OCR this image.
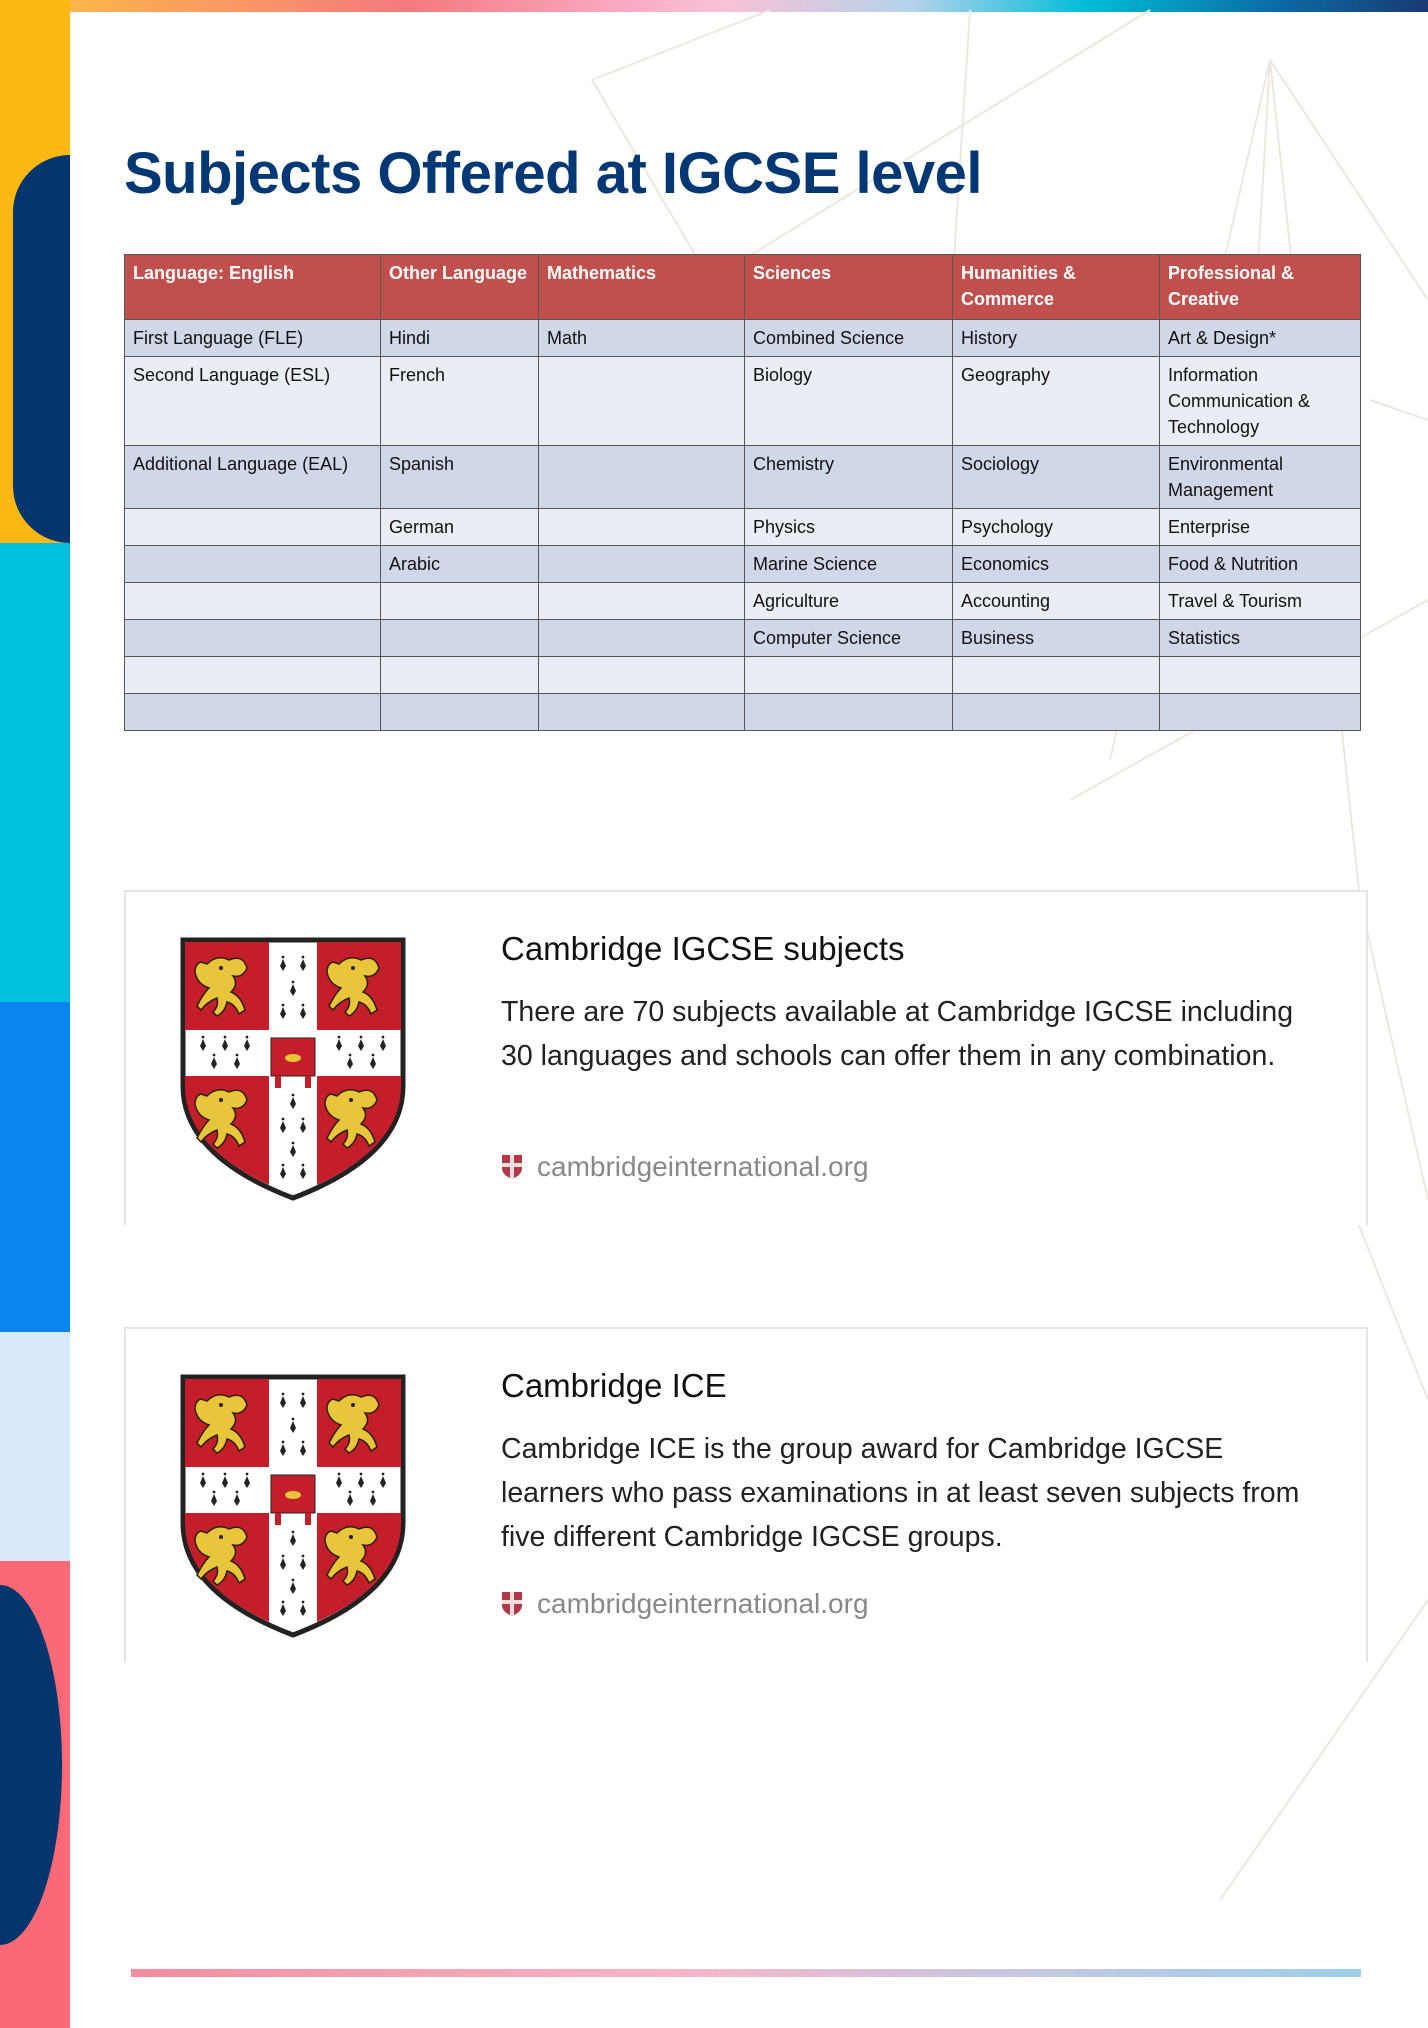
Subjects Offered at IGCSE level
Language: English	Other Language	Mathematics	Sciences	Humanities & Commerce	Professional & Creative
First Language (FLE)	Hindi	Math	Combined Science	History	Art & Design*
Second Language (ESL)	French		Biology	Geography	Information Communication & Technology
Additional Language (EAL)	Spanish		Chemistry	Sociology	Environmental Management
	German		Physics	Psychology	Enterprise
	Arabic		Marine Science	Economics	Food & Nutrition
			Agriculture	Accounting	Travel & Tourism
			Computer Science	Business	Statistics

Cambridge IGCSE subjects
There are 70 subjects available at Cambridge IGCSE including 30 languages and schools can offer them in any combination.
cambridgeinternational.org
Cambridge ICE
Cambridge ICE is the group award for Cambridge IGCSE learners who pass examinations in at least seven subjects from five different Cambridge IGCSE groups.
cambridgeinternational.org
